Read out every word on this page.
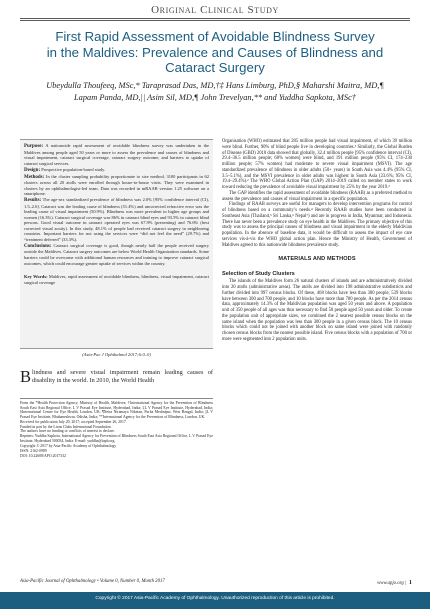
Original Clinical Study
First Rapid Assessment of Avoidable Blindness Survey
in the Maldives: Prevalence and Causes of Blindness and
Cataract Surgery
Ubeydulla Thoufeeq, MSc,* Taraprasad Das, MD,†‡ Hans Limburg, PhD,§ Maharshi Maitra, MD,¶
Lapam Panda, MD,|| Asim Sil, MD,¶ John Trevelyan,** and Yuddha Sapkota, MSc†

Purpose: A nationwide rapid assessment of avoidable blindness survey was undertaken in the Maldives among people aged 50 years or more to assess the prevalence and causes of blindness and visual impairment, cataract surgical coverage, cataract surgery outcome, and barriers to uptake of cataract surgical services.

Design: Prospective population-based study.

Methods: In the cluster sampling probability proportionate to size method, 3100 participants in 62 clusters across all 20 atolls were enrolled through house-to-house visits. They were examined in clusters by an ophthalmologist-led team. Data was recorded in mRAAB version 1.25 software on a smartphone.

Results: The age-sex standardized prevalence of blindness was 2.0% [95% confidence interval (CI), 1.5–2.6]. Cataract was the leading cause of blindness (51.4%) and uncorrected refractive error was the leading cause of visual impairment (50.9%). Blindness was more prevalent in higher age groups and women (16.3%). Cataract surgical coverage was 86% in cataract blind eyes and 93.5% in cataract blind persons. Good visual outcome in cataract operated eyes was 67.9% (presenting) and 76.6% (best corrected visual acuity). In this study, 48.1% of people had received cataract surgery in neighboring countries. Important barriers for not using the services were “did not feel the need” (29.7%) and “treatment deferred” (33.3%).

Conclusions: Cataract surgical coverage is good, though nearly half the people received surgery outside the Maldives. Cataract surgery outcomes are below World Health Organization standards. Some barriers could be overcome with additional human resources and training to improve cataract surgical outcomes, which could encourage greater uptake of services within the country.

Key Words: Maldives, rapid assessment of avoidable blindness, blindness, visual impairment, cataract surgical coverage

(Asia-Pac J Ophthalmol 2017;6:0–0)
Blindness and severe visual impairment remain leading causes of disability in the world. In 2010, the World Health

From the *Health Protection Agency, Ministry of Health, Maldives; †International Agency for the Prevention of Blindness South East Asia Regional Office, L V Prasad Eye Institute, Hyderabad, India; ‡L V Prasad Eye Institute, Hyderabad, India; §International Centre for Eye Health, London, UK; ¶Netra Niramaya Niketan, Purba Medinipur, West Bengal, India; ||L V Prasad Eye Institute, Bhubaneshwar, Odisha, India; **International Agency for the Prevention of Blindness, London, UK.

Received for publication July 20, 2017; accepted September 26, 2017.

Funded in part by the Lions Clubs International Foundation.

The authors have no funding or conflicts of interest to declare.

Reprints: Yuddha Sapkota, International Agency for Prevention of Blindness South East Asia Regional Office, L V Prasad Eye Institute, Hyderabad 500034, India. E-mail: yuddha@iapb.org.

Copyright © 2017 by Asia-Pacific Academy of Ophthalmology

ISSN: 2162-0989

DOI: 10.22608/APO.2017332

Organisation (WHO) estimated that 285 million people had visual impairment, of which 39 million were blind. Further, 90% of blind people live in developing countries.¹ Similarly, the Global Burden of Disease (GBD) 2010 data showed that globally, 32.4 million people [95% confidence interval (CI), 29.4–36.5 million people; 60% women] were blind, and 191 million people (95% CI, 174–230 million people; 57% women) had moderate to severe visual impairment (MSVI). The age standardized prevalence of blindness in older adults (50+ years) in South Asia was 4.4% (95% CI, 3.5–5.1%), and the MSVI prevalence in older adults was highest in South Asia (23.6%; 95% CI, 19.4–29.4%).² The WHO Global Action Plan (GAP) 2014–2019 called on member states to work toward reducing the prevalence of avoidable visual impairment by 25% by the year 2019.³

The GAP identifies the rapid assessment of avoidable blindness (RAAB) as a preferred method to assess the prevalence and causes of visual impairment in a specific population.

Findings of RAAB surveys are useful for managers to develop intervention programs for control of blindness based on a community’s needs.⁴ Recently RAAB studies have been conducted in Southeast Asia (Thailand,⁵ Sri Lanka,⁶ Nepal⁷) and are in progress in India, Myanmar, and Indonesia. There has never been a prevalence study on eye health in the Maldives. The primary objective of this study was to assess the principal causes of blindness and visual impairment in the elderly Maldivian population. In the absence of baseline data, it would be difficult to assess the impact of eye care services vis-à-vis the WHO global action plan. Hence the Ministry of Health, Government of Maldives agreed to this nationwide blindness prevalence study.

MATERIALS AND METHODS
Selection of Study Clusters

The islands of the Maldives form 26 natural clusters of islands and are administratively divided into 20 atolls (administrative areas). The atolls are divided into 198 administrative subdistricts and further divided into 997 census blocks. Of these, 468 blocks have less than 300 people, 539 blocks have between 300 and 700 people, and 10 blocks have more than 700 people. As per the 2014 census data, approximately 14.3% of the Maldivian population was aged 50 years and above. A population unit of 350 people of all ages was thus necessary to find 50 people aged 50 years and older. To create the population unit of appropriate sizes, we combined the 2 nearest possible census blocks on the same island when the population was less than 300 people in a given census block. The 10 census blocks which could not be joined with another block on same island were joined with randomly chosen census blocks from the nearest possible island. Five census blocks with a population of 700 or more were segmented into 2 population units.

Asia-Pacific Journal of Ophthalmology • Volume 0, Number 0, Month 2017	www.apjo.org | 1
Copyright © 2017 Asia-Pacific Academy of Ophthalmology. Unauthorized reproduction of this article is prohibited.
